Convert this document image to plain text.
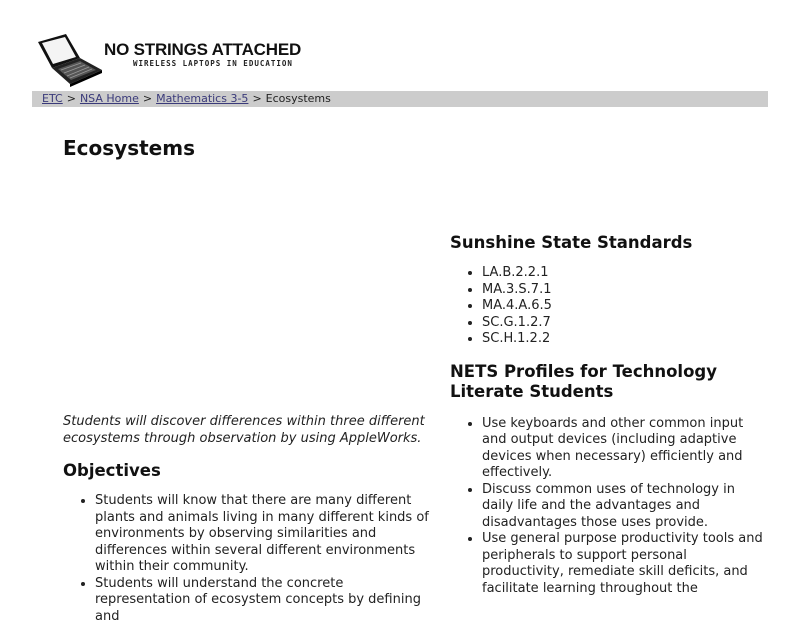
NO STRINGS ATTACHED
WIRELESS LAPTOPS IN EDUCATION
ETC > NSA Home > Mathematics 3-5 > Ecosystems
Ecosystems

Students will discover differences within three different ecosystems through observation by using AppleWorks.

Objectives
• Students will know that there are many different plants and animals living in many different kinds of environments by observing similarities and differences within several different environments within their community.
• Students will understand the concrete representation of ecosystem concepts by defining and
Sunshine State Standards
• LA.B.2.2.1
• MA.3.S.7.1
• MA.4.A.6.5
• SC.G.1.2.7
• SC.H.1.2.2
NETS Profiles for Technology Literate Students
• Use keyboards and other common input and output devices (including adaptive devices when necessary) efficiently and effectively.
• Discuss common uses of technology in daily life and the advantages and disadvantages those uses provide.
• Use general purpose productivity tools and peripherals to support personal productivity, remediate skill deficits, and facilitate learning throughout the
